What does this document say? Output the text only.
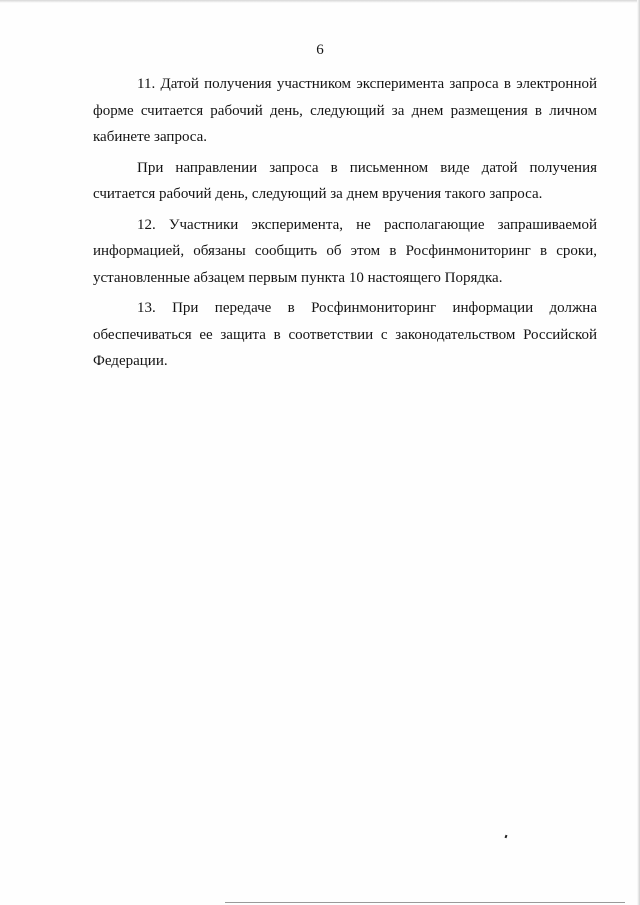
6

11. Датой получения участником эксперимента запроса в электронной форме считается рабочий день, следующий за днем размещения в личном кабинете запроса.

При направлении запроса в письменном виде датой получения считается рабочий день, следующий за днем вручения такого запроса.

12. Участники эксперимента, не располагающие запрашиваемой информацией, обязаны сообщить об этом в Росфинмониторинг в сроки, установленные абзацем первым пункта 10 настоящего Порядка.

13. При передаче в Росфинмониторинг информации должна обеспечиваться ее защита в соответствии с законодательством Российской Федерации.
